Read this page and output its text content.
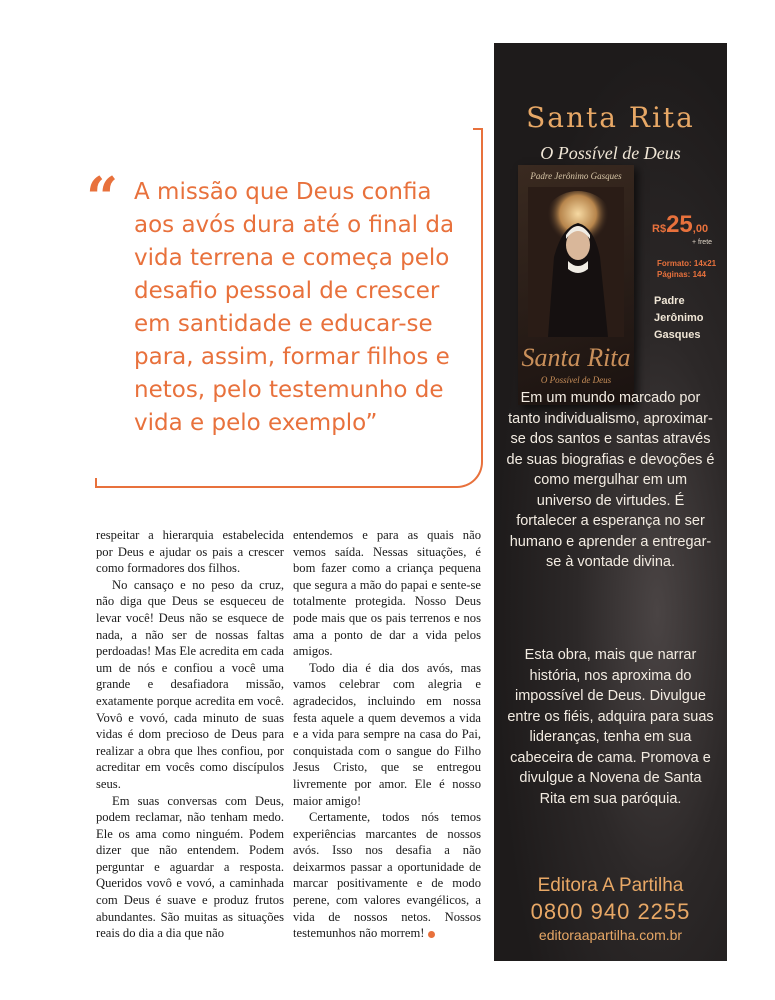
“ A missão que Deus confia aos avós dura até o final da vida terrena e começa pelo desafio pessoal de crescer em santidade e educar-se para, assim, formar filhos e netos, pelo testemunho de vida e pelo exemplo”

respeitar a hierarquia estabelecida por Deus e ajudar os pais a crescer como formadores dos filhos.

No cansaço e no peso da cruz, não diga que Deus se esqueceu de levar você! Deus não se esquece de nada, a não ser de nossas faltas perdoadas! Mas Ele acredita em cada um de nós e confiou a você uma grande e desafiadora missão, exatamente porque acredita em você. Vovô e vovó, cada minuto de suas vidas é dom precioso de Deus para realizar a obra que lhes confiou, por acreditar em vocês como discípulos seus.

Em suas conversas com Deus, podem reclamar, não tenham medo. Ele os ama como ninguém. Podem dizer que não entendem. Podem perguntar e aguardar a resposta. Queridos vovô e vovó, a caminhada com Deus é suave e produz frutos abundantes. São muitas as situações reais do dia a dia que não

entendemos e para as quais não vemos saída. Nessas situações, é bom fazer como a criança pequena que segura a mão do papai e sente-se totalmente protegida. Nosso Deus pode mais que os pais terrenos e nos ama a ponto de dar a vida pelos amigos.

Todo dia é dia dos avós, mas vamos celebrar com alegria e agradecidos, incluindo em nossa festa aquele a quem devemos a vida e a vida para sempre na casa do Pai, conquistada com o sangue do Filho Jesus Cristo, que se entregou livremente por amor. Ele é nosso maior amigo!

Certamente, todos nós temos experiências marcantes de nossos avós. Isso nos desafia a não deixarmos passar a oportunidade de marcar positivamente e de modo perene, com valores evangélicos, a vida de nossos netos. Nossos testemunhos não morrem!

Santa Rita
O Possível de Deus
Padre Jerônimo Gasques
Santa Rita
O Possível de Deus
R$25,00
+ frete
Formato: 14x21
Páginas: 144
Padre
Jerônimo
Gasques
Em um mundo marcado por tanto individualismo, aproximar-se dos santos e santas através de suas biografias e devoções é como mergulhar em um universo de virtudes. É fortalecer a esperança no ser humano e aprender a entregar-se à vontade divina.
Esta obra, mais que narrar história, nos aproxima do impossível de Deus. Divulgue entre os fiéis, adquira para suas lideranças, tenha em sua cabeceira de cama. Promova e divulgue a Novena de Santa Rita em sua paróquia.
Editora A Partilha
0800 940 2255
editoraapartilha.com.br
